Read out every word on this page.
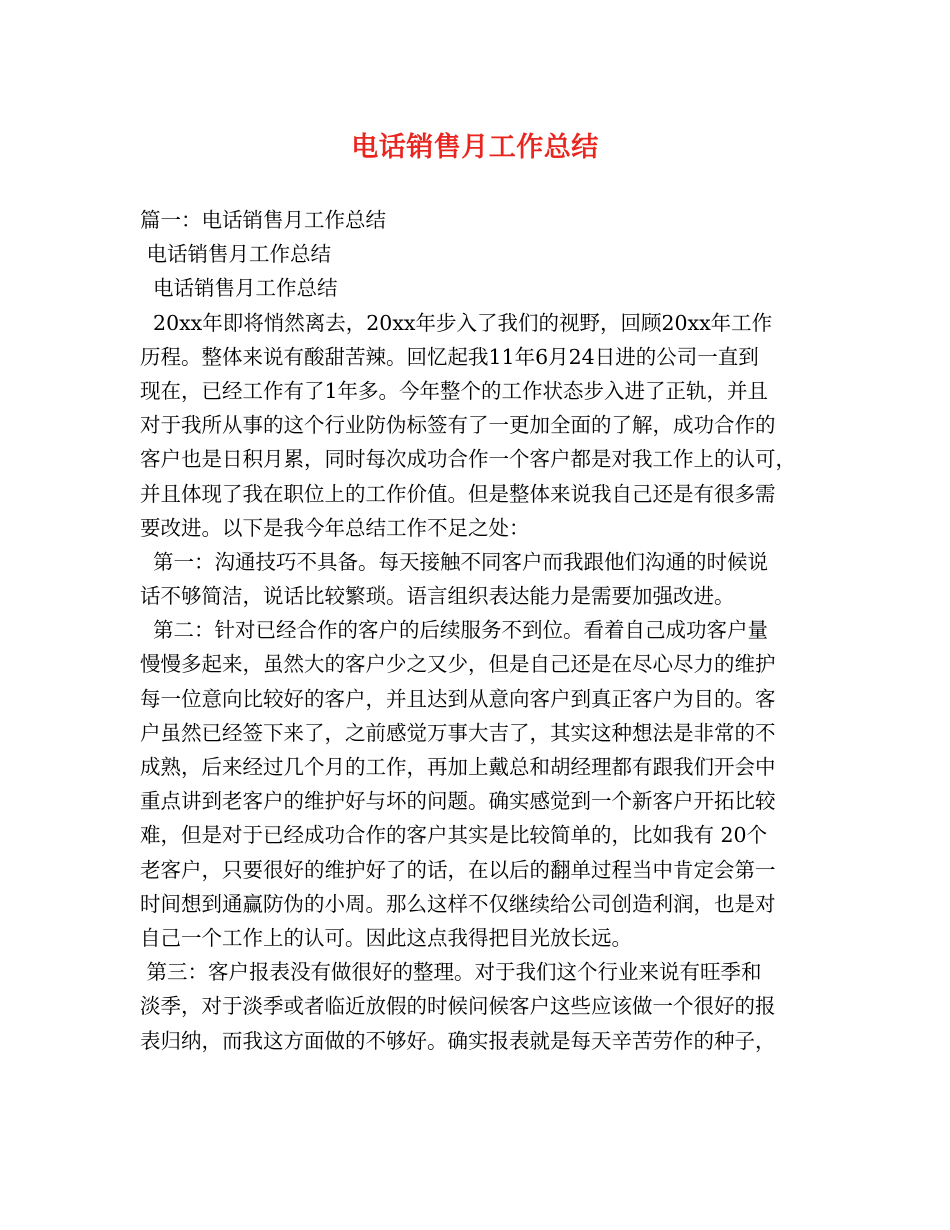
电话销售月工作总结
篇一：电话销售月工作总结
电话销售月工作总结
电话销售月工作总结
20xx年即将悄然离去，20xx年步入了我们的视野，回顾20xx年工作
历程。整体来说有酸甜苦辣。回忆起我11年6月24日进的公司一直到
现在，已经工作有了1年多。今年整个的工作状态步入进了正轨，并且
对于我所从事的这个行业防伪标签有了一更加全面的了解，成功合作的
客户也是日积月累，同时每次成功合作一个客户都是对我工作上的认可，
并且体现了我在职位上的工作价值。但是整体来说我自己还是有很多需
要改进。以下是我今年总结工作不足之处：
第一：沟通技巧不具备。每天接触不同客户而我跟他们沟通的时候说
话不够简洁，说话比较繁琐。语言组织表达能力是需要加强改进。
第二：针对已经合作的客户的后续服务不到位。看着自己成功客户量
慢慢多起来，虽然大的客户少之又少，但是自己还是在尽心尽力的维护
每一位意向比较好的客户，并且达到从意向客户到真正客户为目的。客
户虽然已经签下来了，之前感觉万事大吉了，其实这种想法是非常的不
成熟，后来经过几个月的工作，再加上戴总和胡经理都有跟我们开会中
重点讲到老客户的维护好与坏的问题。确实感觉到一个新客户开拓比较
难，但是对于已经成功合作的客户其实是比较简单的，比如我有 20个
老客户，只要很好的维护好了的话，在以后的翻单过程当中肯定会第一
时间想到通赢防伪的小周。那么这样不仅继续给公司创造利润，也是对
自己一个工作上的认可。因此这点我得把目光放长远。
第三：客户报表没有做很好的整理。对于我们这个行业来说有旺季和
淡季，对于淡季或者临近放假的时候问候客户这些应该做一个很好的报
表归纳，而我这方面做的不够好。确实报表就是每天辛苦劳作的种子，
